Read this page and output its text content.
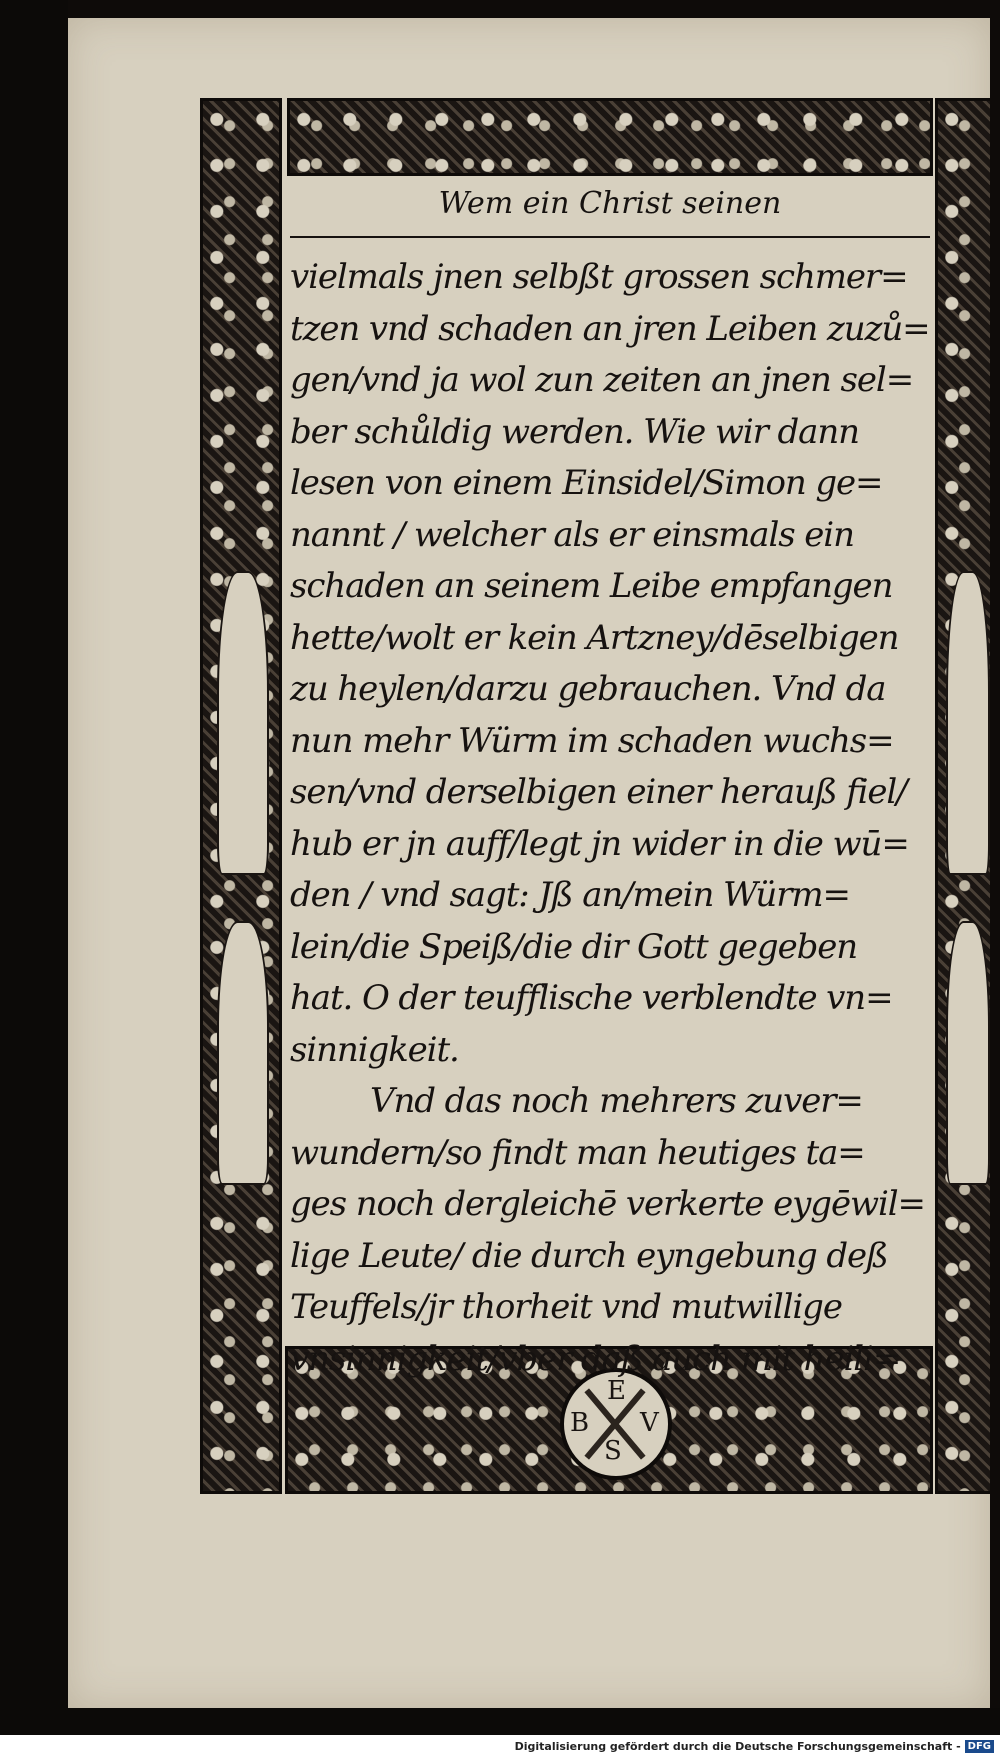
E
B V
S
Wem ein Christ seinen
vielmals jnen selbßt grossen schmer=
tzen vnd schaden an jren Leiben zuzů=
gen/vnd ja wol zun zeiten an jnen sel=
ber schůldig werden. Wie wir dann
lesen von einem Einsidel/Simon ge=
nannt / welcher als er einsmals ein
schaden an seinem Leibe empfangen
hette/wolt er kein Artzney/dēselbigen
zu heylen/darzu gebrauchen. Vnd da
nun mehr Würm im schaden wuchs=
sen/vnd derselbigen einer herauß fiel/
hub er jn auff/legt jn wider in die wū=
den / vnd sagt: Jß an/mein Würm=
lein/die Speiß/die dir Gott gegeben
hat. O der teufflische verblendte vn=
sinnigkeit.
Vnd das noch mehrers zuver=
wundern/so findt man heutiges ta=
ges noch dergleichē verkerte eygēwil=
lige Leute/ die durch eyngebung deß
Teuffels/jr thorheit vnd mutwillige
vnsinnigkeit/vber daß auch mit heili=
Digitalisierung gefördert durch die Deutsche Forschungsgemeinschaft - DFG
